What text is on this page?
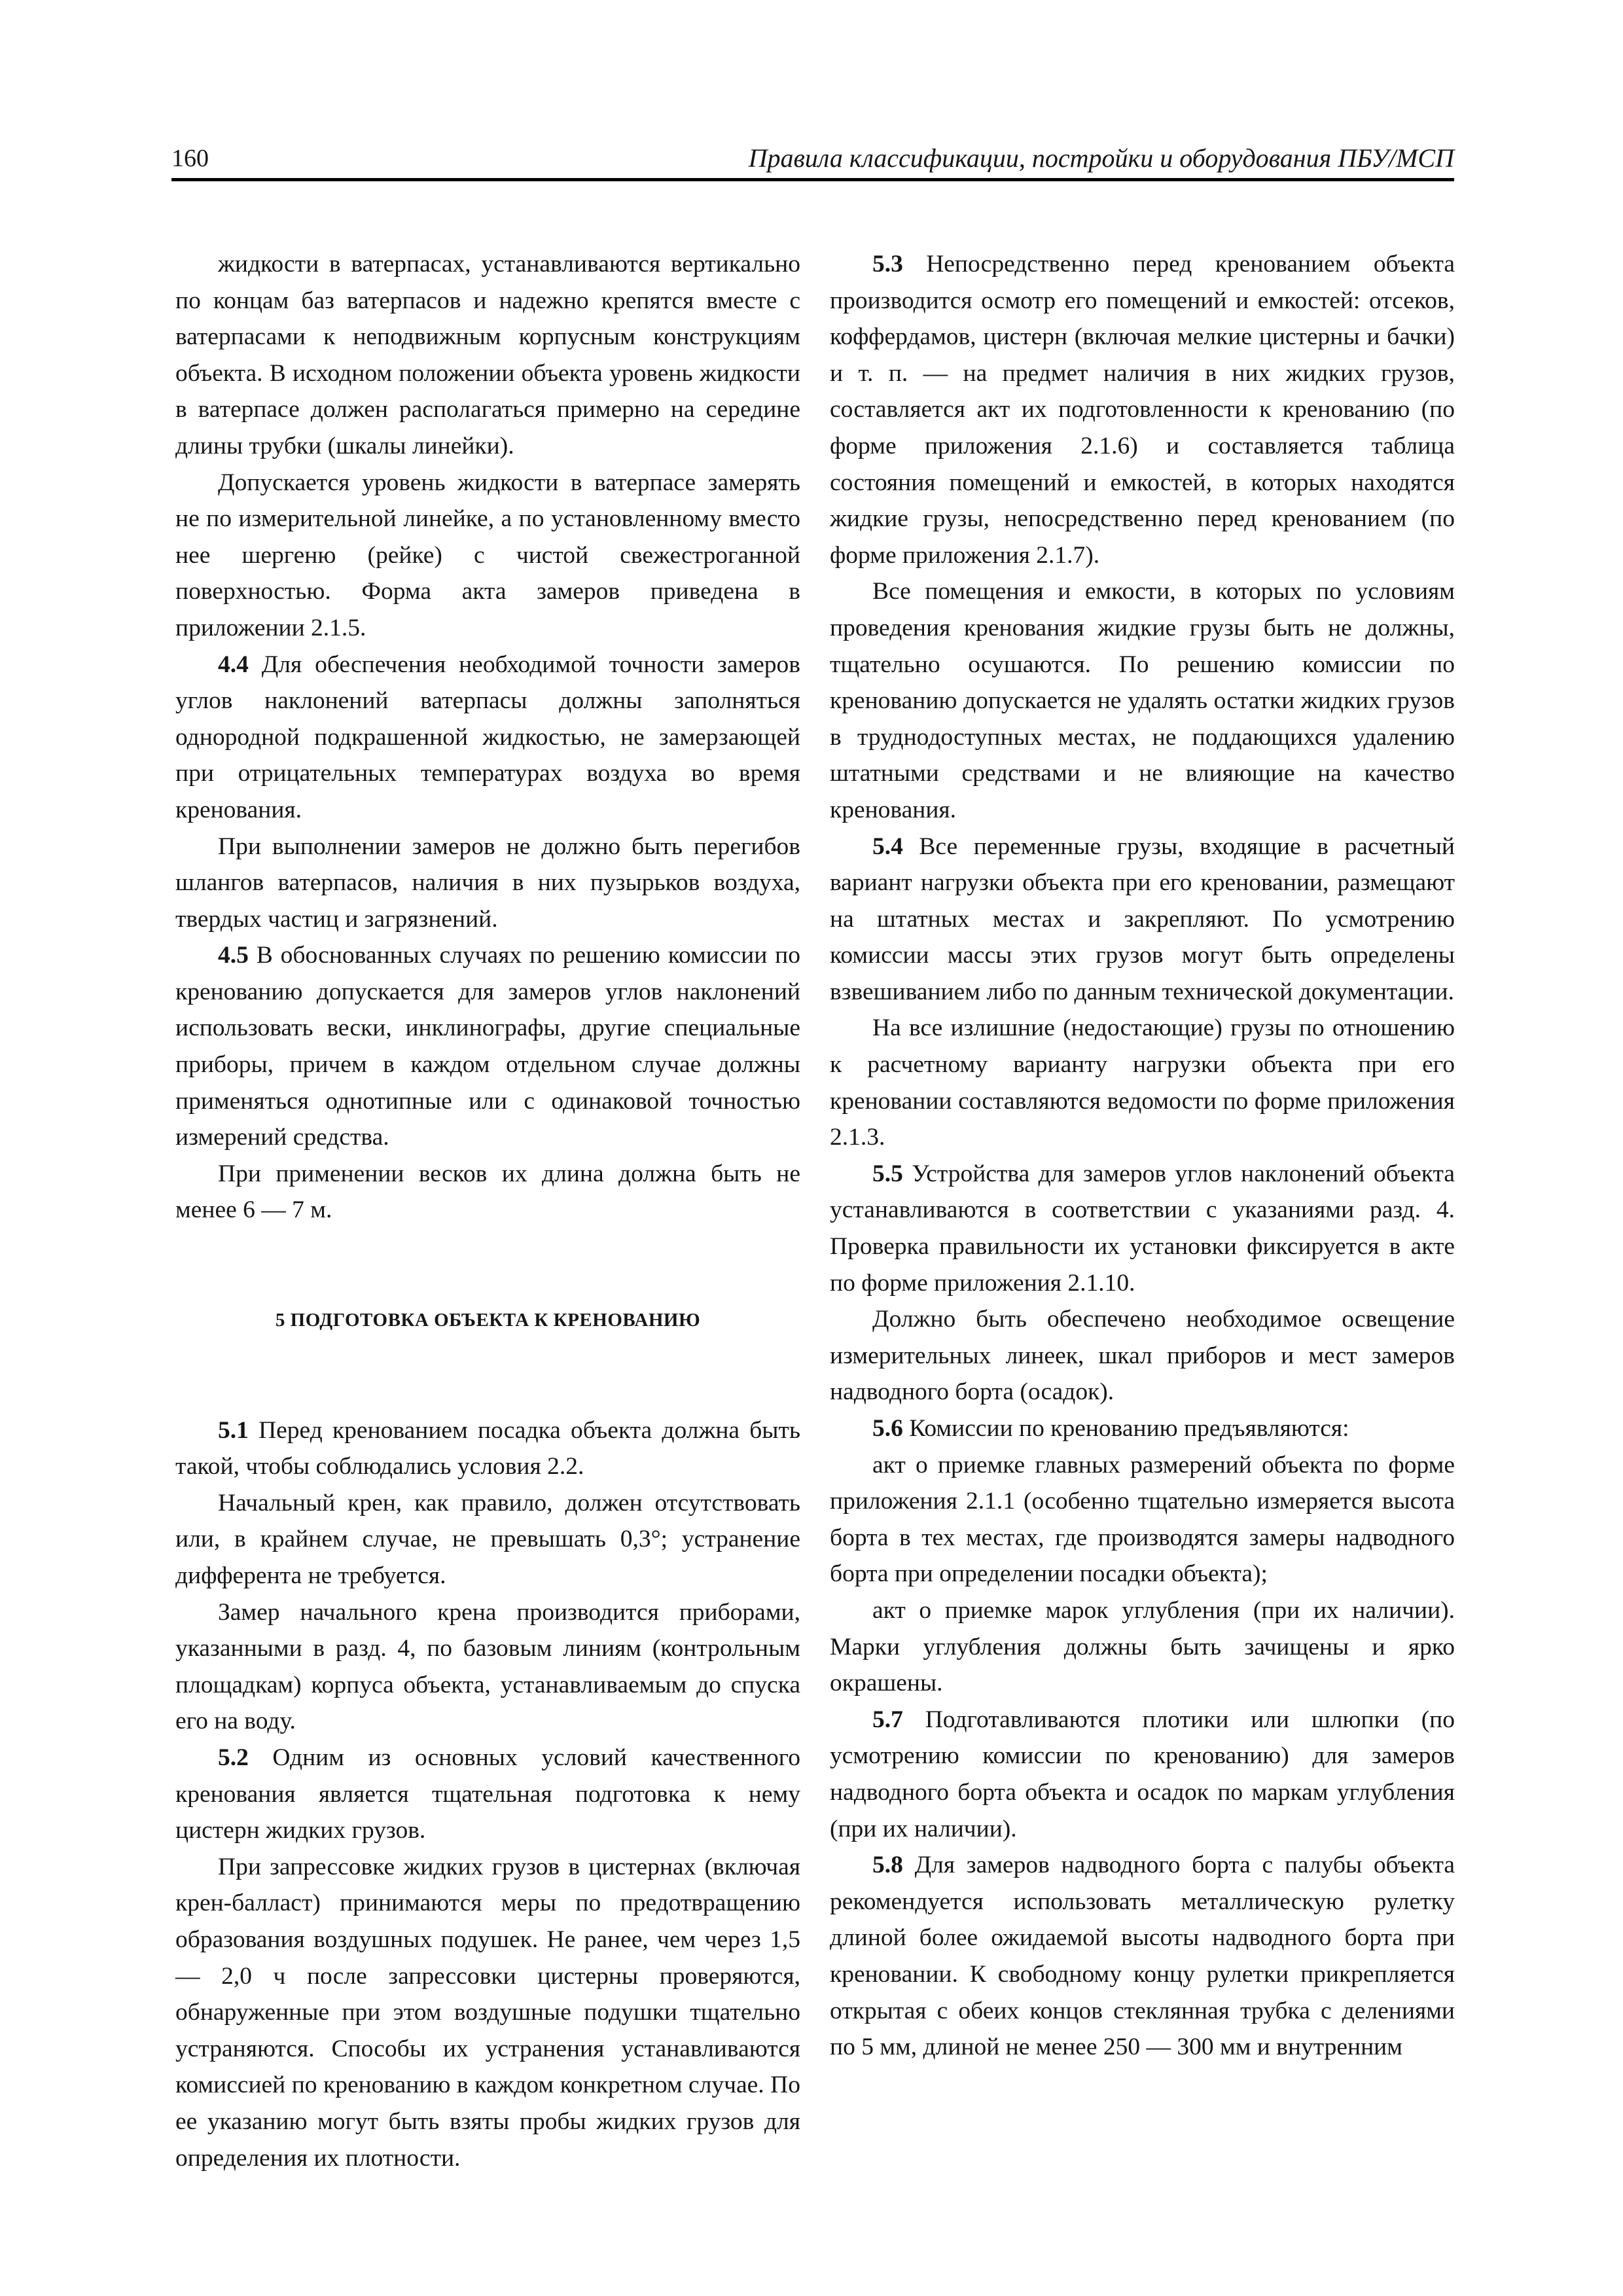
160	Правила классификации, постройки и оборудования ПБУ/МСП

жидкости в ватерпасах, устанавливаются вертикально по концам баз ватерпасов и надежно крепятся вместе с ватерпасами к неподвижным корпусным конструкциям объекта. В исходном положении объекта уровень жидкости в ватерпасе должен располагаться примерно на середине длины трубки (шкалы линейки).

Допускается уровень жидкости в ватерпасе замерять не по измерительной линейке, а по установленному вместо нее шергеню (рейке) с чистой свежестроганной поверхностью. Форма акта замеров приведена в приложении 2.1.5.

4.4 Для обеспечения необходимой точности замеров углов наклонений ватерпасы должны заполняться однородной подкрашенной жидкостью, не замерзающей при отрицательных температурах воздуха во время кренования.

При выполнении замеров не должно быть перегибов шлангов ватерпасов, наличия в них пузырьков воздуха, твердых частиц и загрязнений.

4.5 В обоснованных случаях по решению комиссии по кренованию допускается для замеров углов наклонений использовать вески, инклинографы, другие специальные приборы, причем в каждом отдельном случае должны применяться однотипные или с одинаковой точностью измерений средства.

При применении весков их длина должна быть не менее 6 — 7 м.

5 ПОДГОТОВКА ОБЪЕКТА К КРЕНОВАНИЮ

5.1 Перед кренованием посадка объекта должна быть такой, чтобы соблюдались условия 2.2.

Начальный крен, как правило, должен отсутствовать или, в крайнем случае, не превышать 0,3°; устранение дифферента не требуется.

Замер начального крена производится приборами, указанными в разд. 4, по базовым линиям (контрольным площадкам) корпуса объекта, устанавливаемым до спуска его на воду.

5.2 Одним из основных условий качественного кренования является тщательная подготовка к нему цистерн жидких грузов.

При запрессовке жидких грузов в цистернах (включая крен-балласт) принимаются меры по предотвращению образования воздушных подушек. Не ранее, чем через 1,5 — 2,0 ч после запрессовки цистерны проверяются, обнаруженные при этом воздушные подушки тщательно устраняются. Способы их устранения устанавливаются комиссией по кренованию в каждом конкретном случае. По ее указанию могут быть взяты пробы жидких грузов для определения их плотности.

5.3 Непосредственно перед кренованием объекта производится осмотр его помещений и емкостей: отсеков, коффердамов, цистерн (включая мелкие цистерны и бачки) и т. п. — на предмет наличия в них жидких грузов, составляется акт их подготовленности к кренованию (по форме приложения 2.1.6) и составляется таблица состояния помещений и емкостей, в которых находятся жидкие грузы, непосредственно перед кренованием (по форме приложения 2.1.7).

Все помещения и емкости, в которых по условиям проведения кренования жидкие грузы быть не должны, тщательно осушаются. По решению комиссии по кренованию допускается не удалять остатки жидких грузов в труднодоступных местах, не поддающихся удалению штатными средствами и не влияющие на качество кренования.

5.4 Все переменные грузы, входящие в расчетный вариант нагрузки объекта при его креновании, размещают на штатных местах и закрепляют. По усмотрению комиссии массы этих грузов могут быть определены взвешиванием либо по данным технической документации.

На все излишние (недостающие) грузы по отношению к расчетному варианту нагрузки объекта при его креновании составляются ведомости по форме приложения 2.1.3.

5.5 Устройства для замеров углов наклонений объекта устанавливаются в соответствии с указаниями разд. 4. Проверка правильности их установки фиксируется в акте по форме приложения 2.1.10.

Должно быть обеспечено необходимое освещение измерительных линеек, шкал приборов и мест замеров надводного борта (осадок).

5.6 Комиссии по кренованию предъявляются:

акт о приемке главных размерений объекта по форме приложения 2.1.1 (особенно тщательно измеряется высота борта в тех местах, где производятся замеры надводного борта при определении посадки объекта);

акт о приемке марок углубления (при их наличии). Марки углубления должны быть зачищены и ярко окрашены.

5.7 Подготавливаются плотики или шлюпки (по усмотрению комиссии по кренованию) для замеров надводного борта объекта и осадок по маркам углубления (при их наличии).

5.8 Для замеров надводного борта с палубы объекта рекомендуется использовать металлическую рулетку длиной более ожидаемой высоты надводного борта при креновании. К свободному концу рулетки прикрепляется открытая с обеих концов стеклянная трубка с делениями по 5 мм, длиной не менее 250 — 300 мм и внутренним
